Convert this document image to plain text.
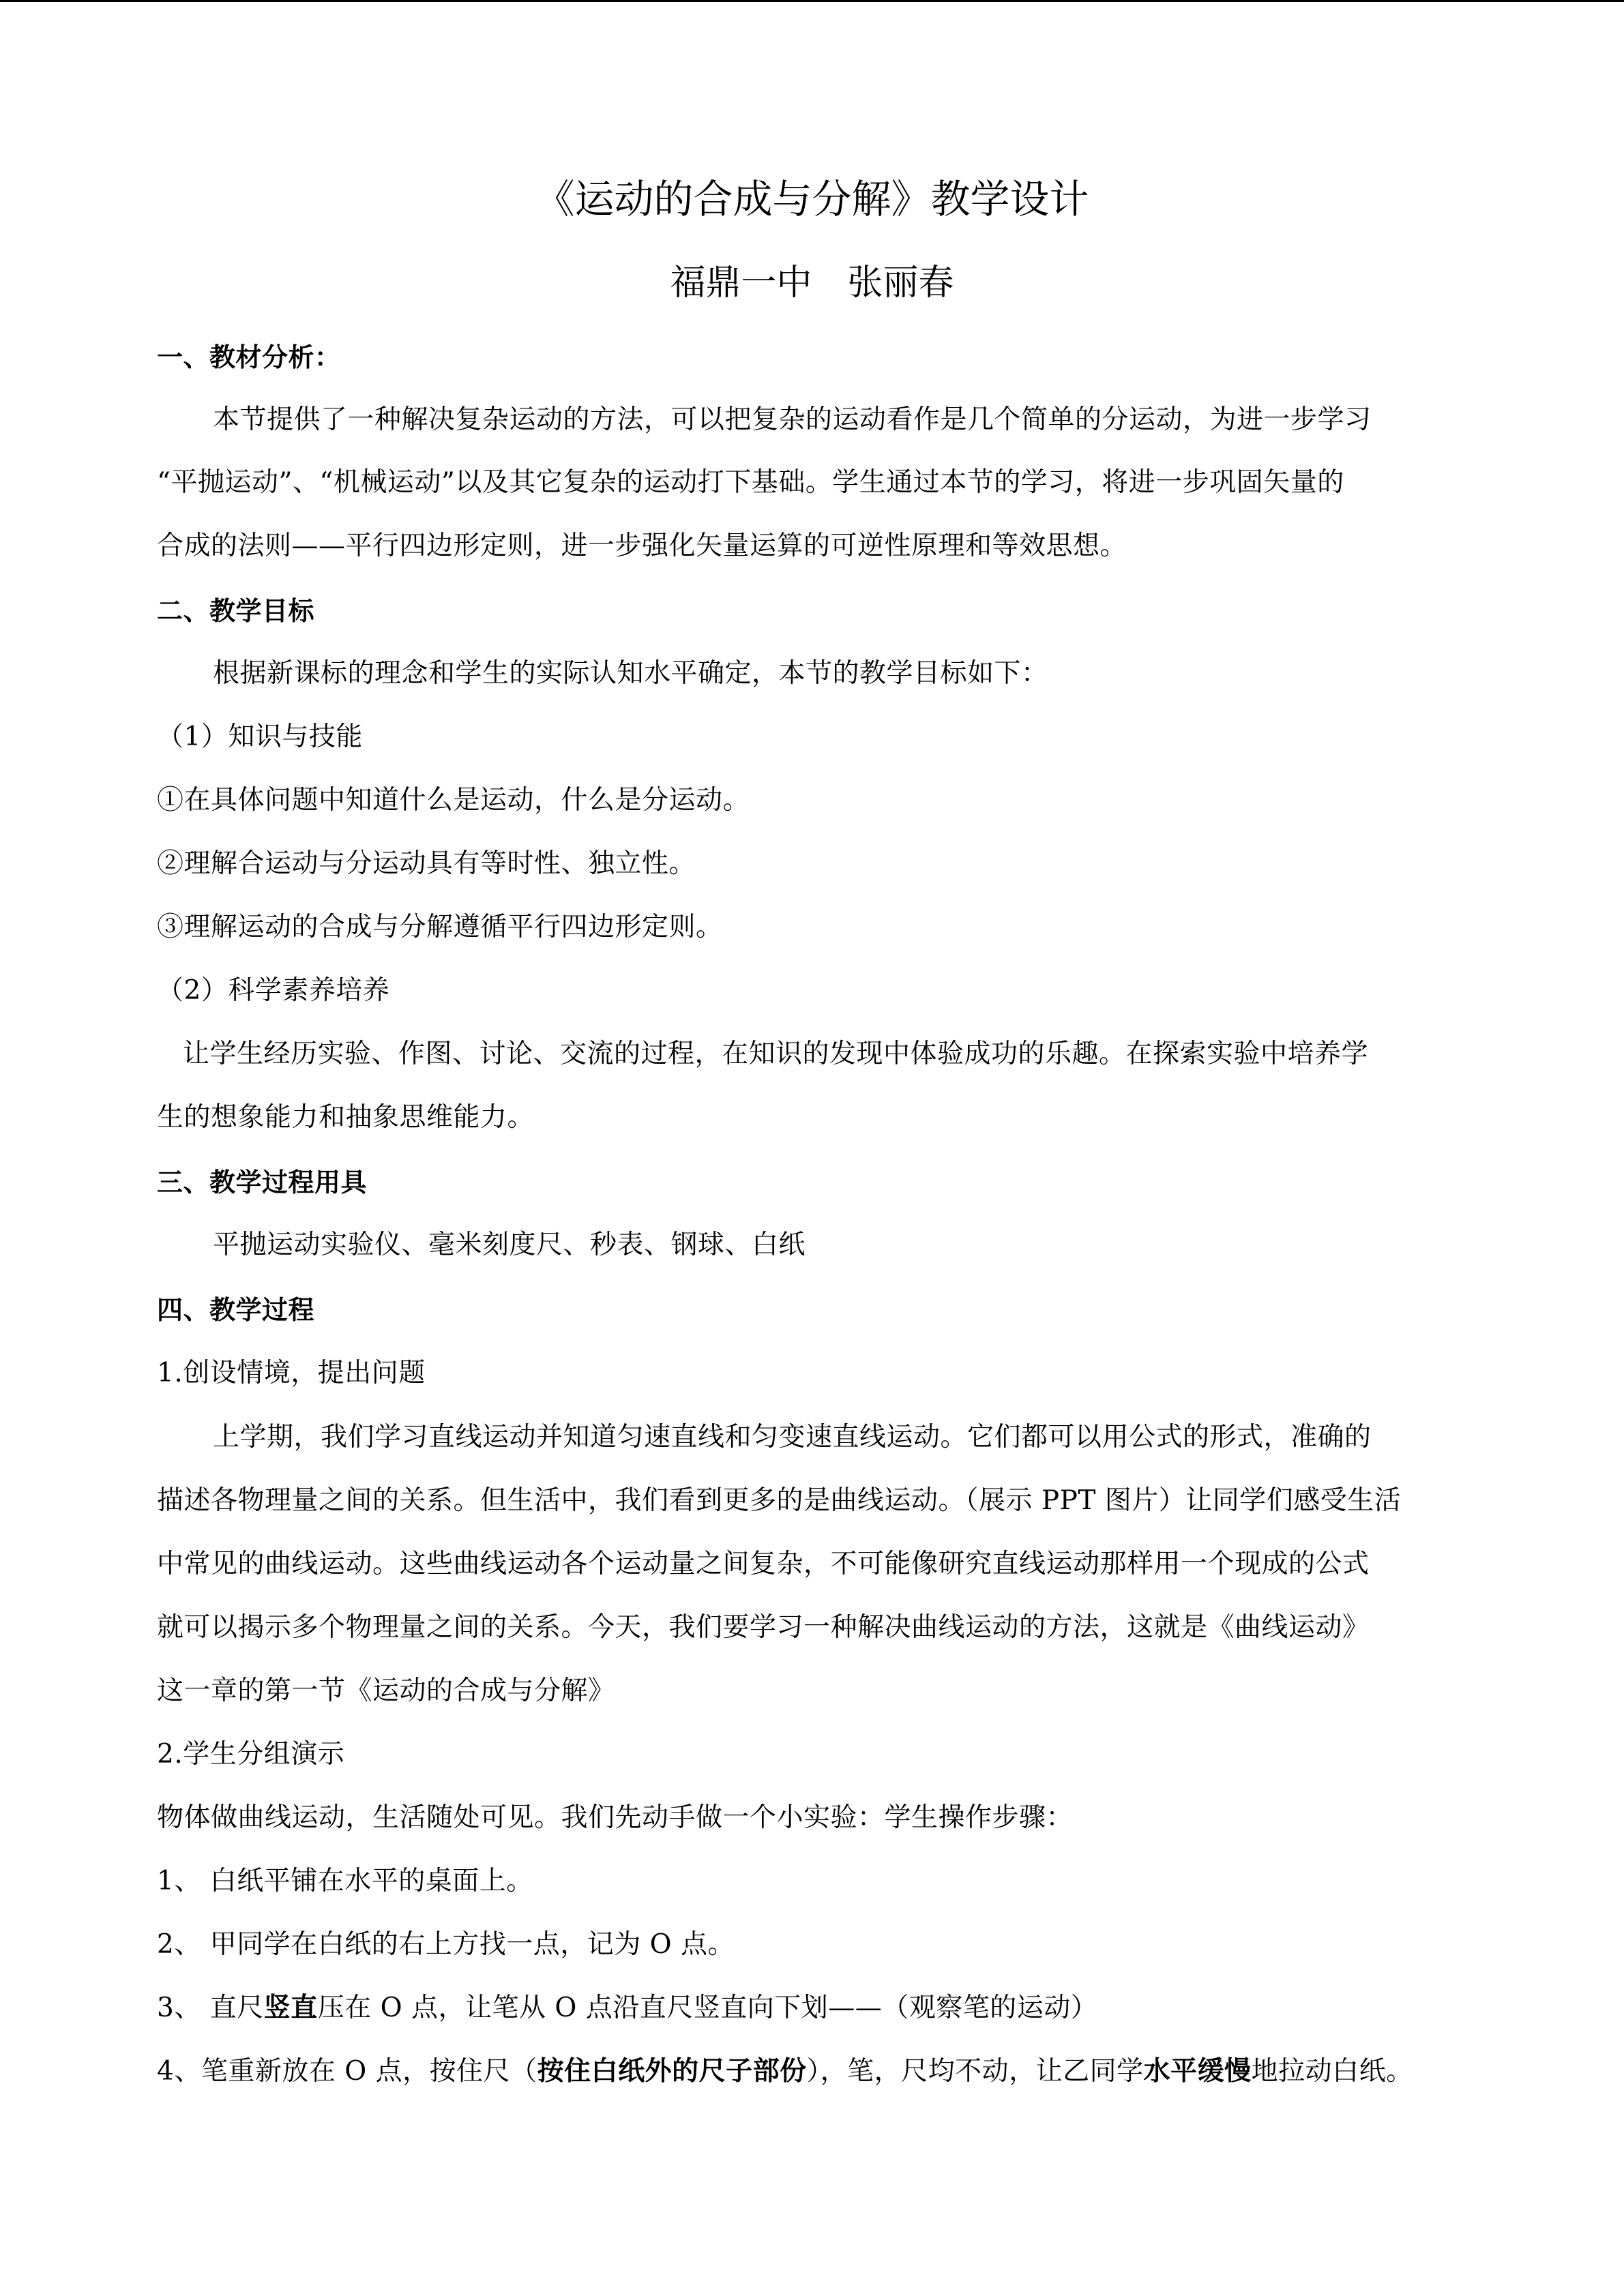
《运动的合成与分解》教学设计
福鼎一中　张丽春
一、教材分析：
本节提供了一种解决复杂运动的方法，可以把复杂的运动看作是几个简单的分运动，为进一步学习
“平抛运动”、“机械运动”以及其它复杂的运动打下基础。学生通过本节的学习，将进一步巩固矢量的
合成的法则——平行四边形定则，进一步强化矢量运算的可逆性原理和等效思想。
二、教学目标
根据新课标的理念和学生的实际认知水平确定，本节的教学目标如下：
（1）知识与技能
①在具体问题中知道什么是运动，什么是分运动。
②理解合运动与分运动具有等时性、独立性。
③理解运动的合成与分解遵循平行四边形定则。
（2）科学素养培养
让学生经历实验、作图、讨论、交流的过程，在知识的发现中体验成功的乐趣。在探索实验中培养学
生的想象能力和抽象思维能力。
三、教学过程用具
平抛运动实验仪、毫米刻度尺、秒表、钢球、白纸
四、教学过程
1.创设情境，提出问题
上学期，我们学习直线运动并知道匀速直线和匀变速直线运动。它们都可以用公式的形式，准确的
描述各物理量之间的关系。但生活中，我们看到更多的是曲线运动。（展示 PPT 图片）让同学们感受生活
中常见的曲线运动。这些曲线运动各个运动量之间复杂，不可能像研究直线运动那样用一个现成的公式
就可以揭示多个物理量之间的关系。今天，我们要学习一种解决曲线运动的方法，这就是《曲线运动》
这一章的第一节《运动的合成与分解》
2.学生分组演示
物体做曲线运动，生活随处可见。我们先动手做一个小实验：学生操作步骤：
1、 白纸平铺在水平的桌面上。
2、 甲同学在白纸的右上方找一点，记为 O 点。
3、 直尺竖直压在 O 点，让笔从 O 点沿直尺竖直向下划——（观察笔的运动）
4、笔重新放在 O 点，按住尺（按住白纸外的尺子部份），笔，尺均不动，让乙同学水平缓慢地拉动白纸。
